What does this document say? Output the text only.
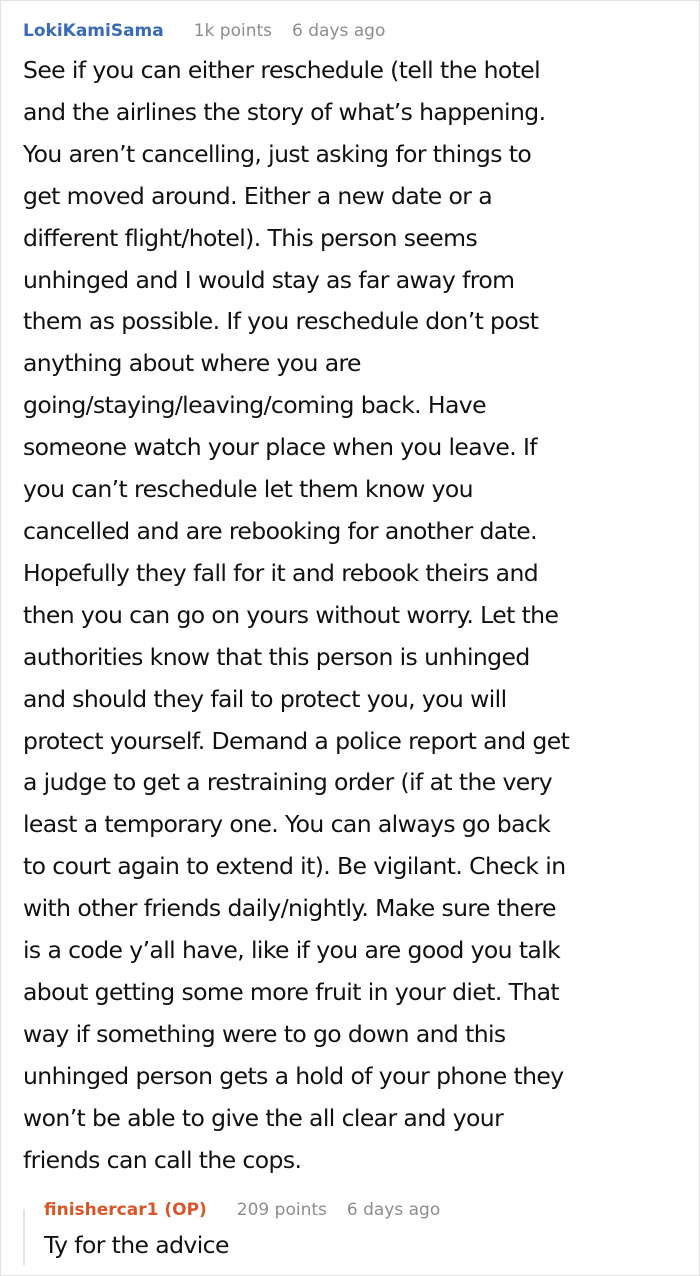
LokiKamiSama 1k points 6 days ago
See if you can either reschedule (tell the hotel
and the airlines the story of what’s happening.
You aren’t cancelling, just asking for things to
get moved around. Either a new date or a
different flight/hotel). This person seems
unhinged and I would stay as far away from
them as possible. If you reschedule don’t post
anything about where you are
going/staying/leaving/coming back. Have
someone watch your place when you leave. If
you can’t reschedule let them know you
cancelled and are rebooking for another date.
Hopefully they fall for it and rebook theirs and
then you can go on yours without worry. Let the
authorities know that this person is unhinged
and should they fail to protect you, you will
protect yourself. Demand a police report and get
a judge to get a restraining order (if at the very
least a temporary one. You can always go back
to court again to extend it). Be vigilant. Check in
with other friends daily/nightly. Make sure there
is a code y’all have, like if you are good you talk
about getting some more fruit in your diet. That
way if something were to go down and this
unhinged person gets a hold of your phone they
won’t be able to give the all clear and your
friends can call the cops.
finishercar1 (OP) 209 points 6 days ago
Ty for the advice
